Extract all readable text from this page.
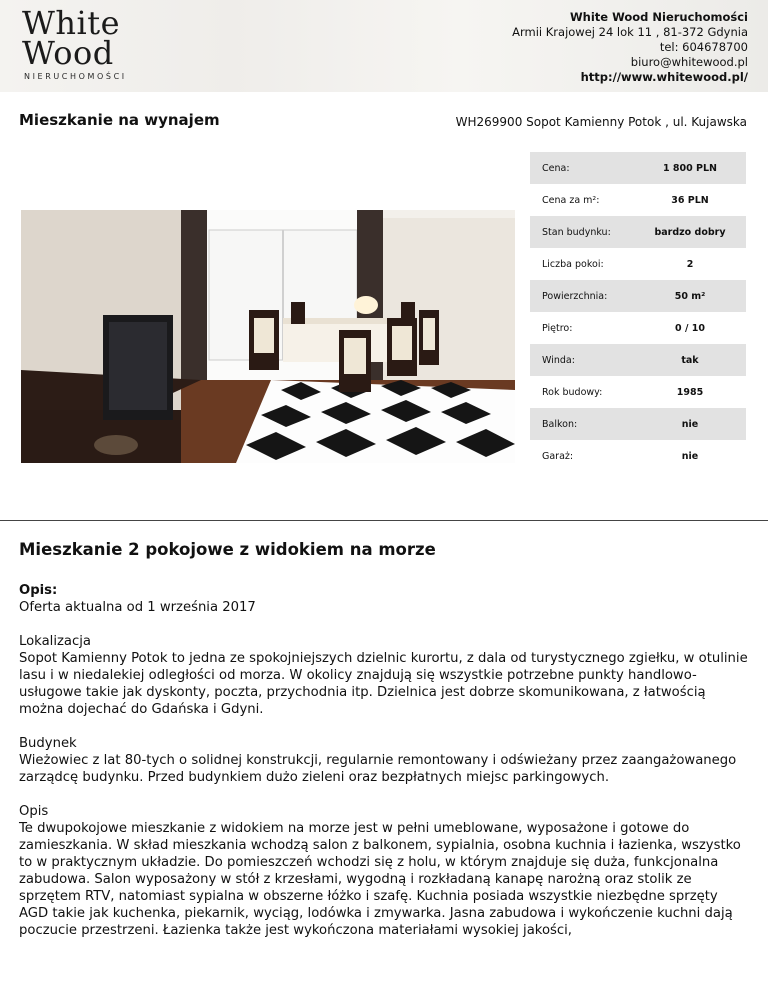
White
Wood
NIERUCHOMOŚCI
White Wood Nieruchomości
Armii Krajowej 24 lok 11 , 81-372 Gdynia
tel: 604678700
biuro@whitewood.pl
http://www.whitewood.pl/
Mieszkanie na wynajem	WH269900 Sopot Kamienny Potok , ul. Kujawska
Cena:	1 800 PLN
Cena za m²:	36 PLN
Stan budynku:	bardzo dobry
Liczba pokoi:	2
Powierzchnia:	50 m²
Piętro:	0 / 10
Winda:	tak
Rok budowy:	1985
Balkon:	nie
Garaż:	nie
Mieszkanie 2 pokojowe z widokiem na morze
Opis:
Oferta aktualna od 1 września 2017
Lokalizacja
Sopot Kamienny Potok to jedna ze spokojniejszych dzielnic kurortu, z dala od turystycznego zgiełku, w otulinie lasu i w niedalekiej odległości od morza. W okolicy znajdują się wszystkie potrzebne punkty handlowo-usługowe takie jak dyskonty, poczta, przychodnia itp. Dzielnica jest dobrze skomunikowana, z łatwością można dojechać do Gdańska i Gdyni.
Budynek
Wieżowiec z lat 80-tych o solidnej konstrukcji, regularnie remontowany i odświeżany przez zaangażowanego zarządcę budynku. Przed budynkiem dużo zieleni oraz bezpłatnych miejsc parkingowych.
Opis
Te dwupokojowe mieszkanie z widokiem na morze jest w pełni umeblowane, wyposażone i gotowe do zamieszkania. W skład mieszkania wchodzą salon z balkonem, sypialnia, osobna kuchnia i łazienka, wszystko to w praktycznym układzie. Do pomieszczeń wchodzi się z holu, w którym znajduje się duża, funkcjonalna zabudowa. Salon wyposażony w stół z krzesłami, wygodną i rozkładaną kanapę narożną oraz stolik ze sprzętem RTV, natomiast sypialna w obszerne łóżko i szafę. Kuchnia posiada wszystkie niezbędne sprzęty AGD takie jak kuchenka, piekarnik, wyciąg, lodówka i zmywarka. Jasna zabudowa i wykończenie kuchni dają poczucie przestrzeni. Łazienka także jest wykończona materiałami wysokiej jakości,
